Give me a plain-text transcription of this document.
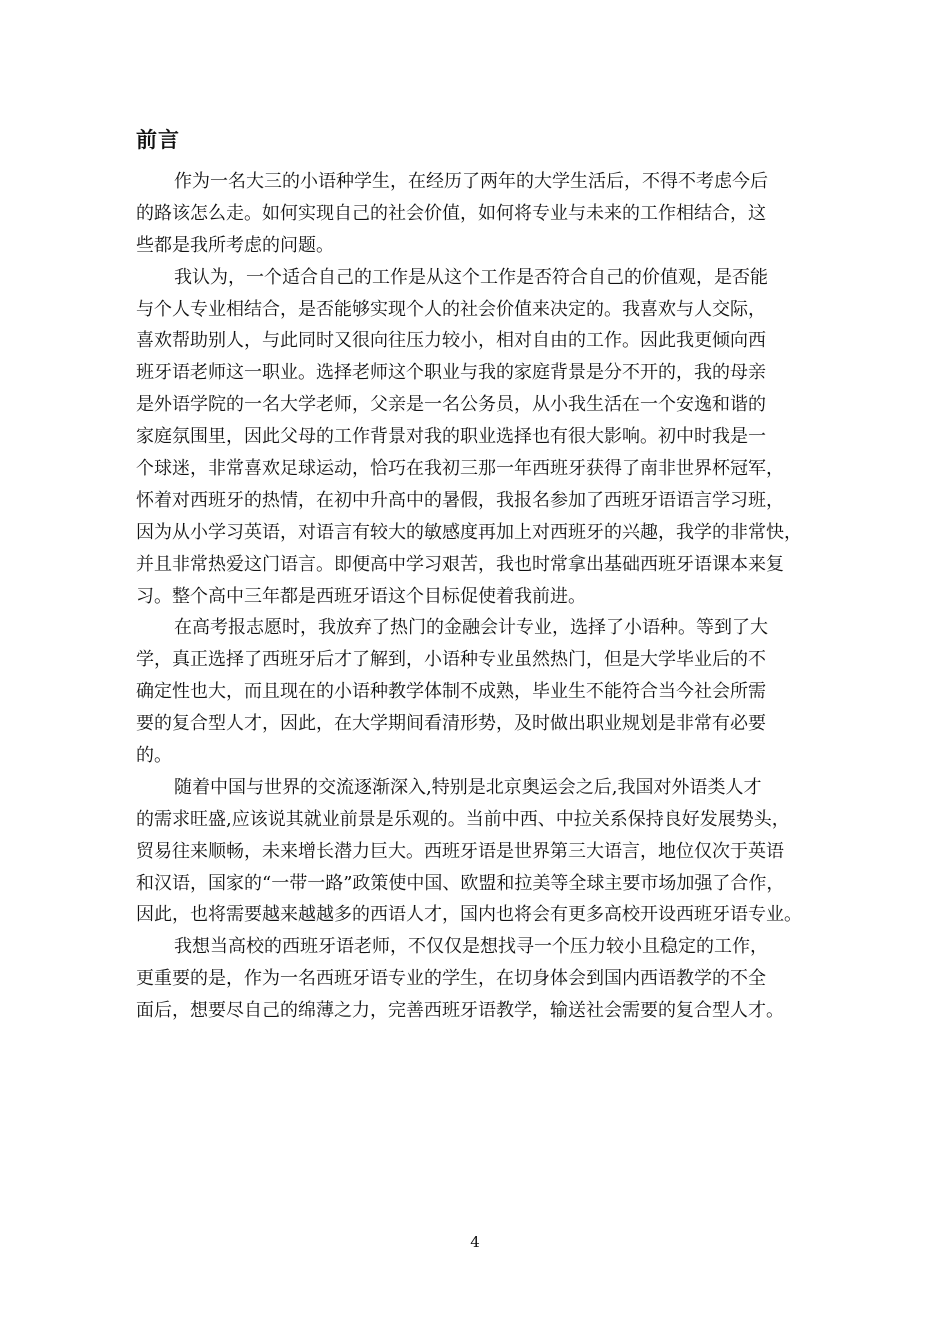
前言
作为一名大三的小语种学生，在经历了两年的大学生活后，不得不考虑今后
的路该怎么走。如何实现自己的社会价值，如何将专业与未来的工作相结合，这
些都是我所考虑的问题。
我认为，一个适合自己的工作是从这个工作是否符合自己的价值观，是否能
与个人专业相结合，是否能够实现个人的社会价值来决定的。我喜欢与人交际，
喜欢帮助别人，与此同时又很向往压力较小，相对自由的工作。因此我更倾向西
班牙语老师这一职业。选择老师这个职业与我的家庭背景是分不开的，我的母亲
是外语学院的一名大学老师，父亲是一名公务员，从小我生活在一个安逸和谐的
家庭氛围里，因此父母的工作背景对我的职业选择也有很大影响。初中时我是一
个球迷，非常喜欢足球运动，恰巧在我初三那一年西班牙获得了南非世界杯冠军，
怀着对西班牙的热情，在初中升高中的暑假，我报名参加了西班牙语语言学习班，
因为从小学习英语，对语言有较大的敏感度再加上对西班牙的兴趣，我学的非常快，
并且非常热爱这门语言。即便高中学习艰苦，我也时常拿出基础西班牙语课本来复
习。整个高中三年都是西班牙语这个目标促使着我前进。
在高考报志愿时，我放弃了热门的金融会计专业，选择了小语种。等到了大
学，真正选择了西班牙后才了解到，小语种专业虽然热门，但是大学毕业后的不
确定性也大，而且现在的小语种教学体制不成熟，毕业生不能符合当今社会所需
要的复合型人才，因此，在大学期间看清形势，及时做出职业规划是非常有必要
的。
随着中国与世界的交流逐渐深入,特别是北京奥运会之后,我国对外语类人才
的需求旺盛,应该说其就业前景是乐观的。当前中西、中拉关系保持良好发展势头，
贸易往来顺畅，未来增长潜力巨大。西班牙语是世界第三大语言，地位仅次于英语
和汉语，国家的“一带一路”政策使中国、欧盟和拉美等全球主要市场加强了合作，
因此，也将需要越来越越多的西语人才，国内也将会有更多高校开设西班牙语专业。
我想当高校的西班牙语老师，不仅仅是想找寻一个压力较小且稳定的工作，
更重要的是，作为一名西班牙语专业的学生，在切身体会到国内西语教学的不全
面后，想要尽自己的绵薄之力，完善西班牙语教学，输送社会需要的复合型人才。
4
